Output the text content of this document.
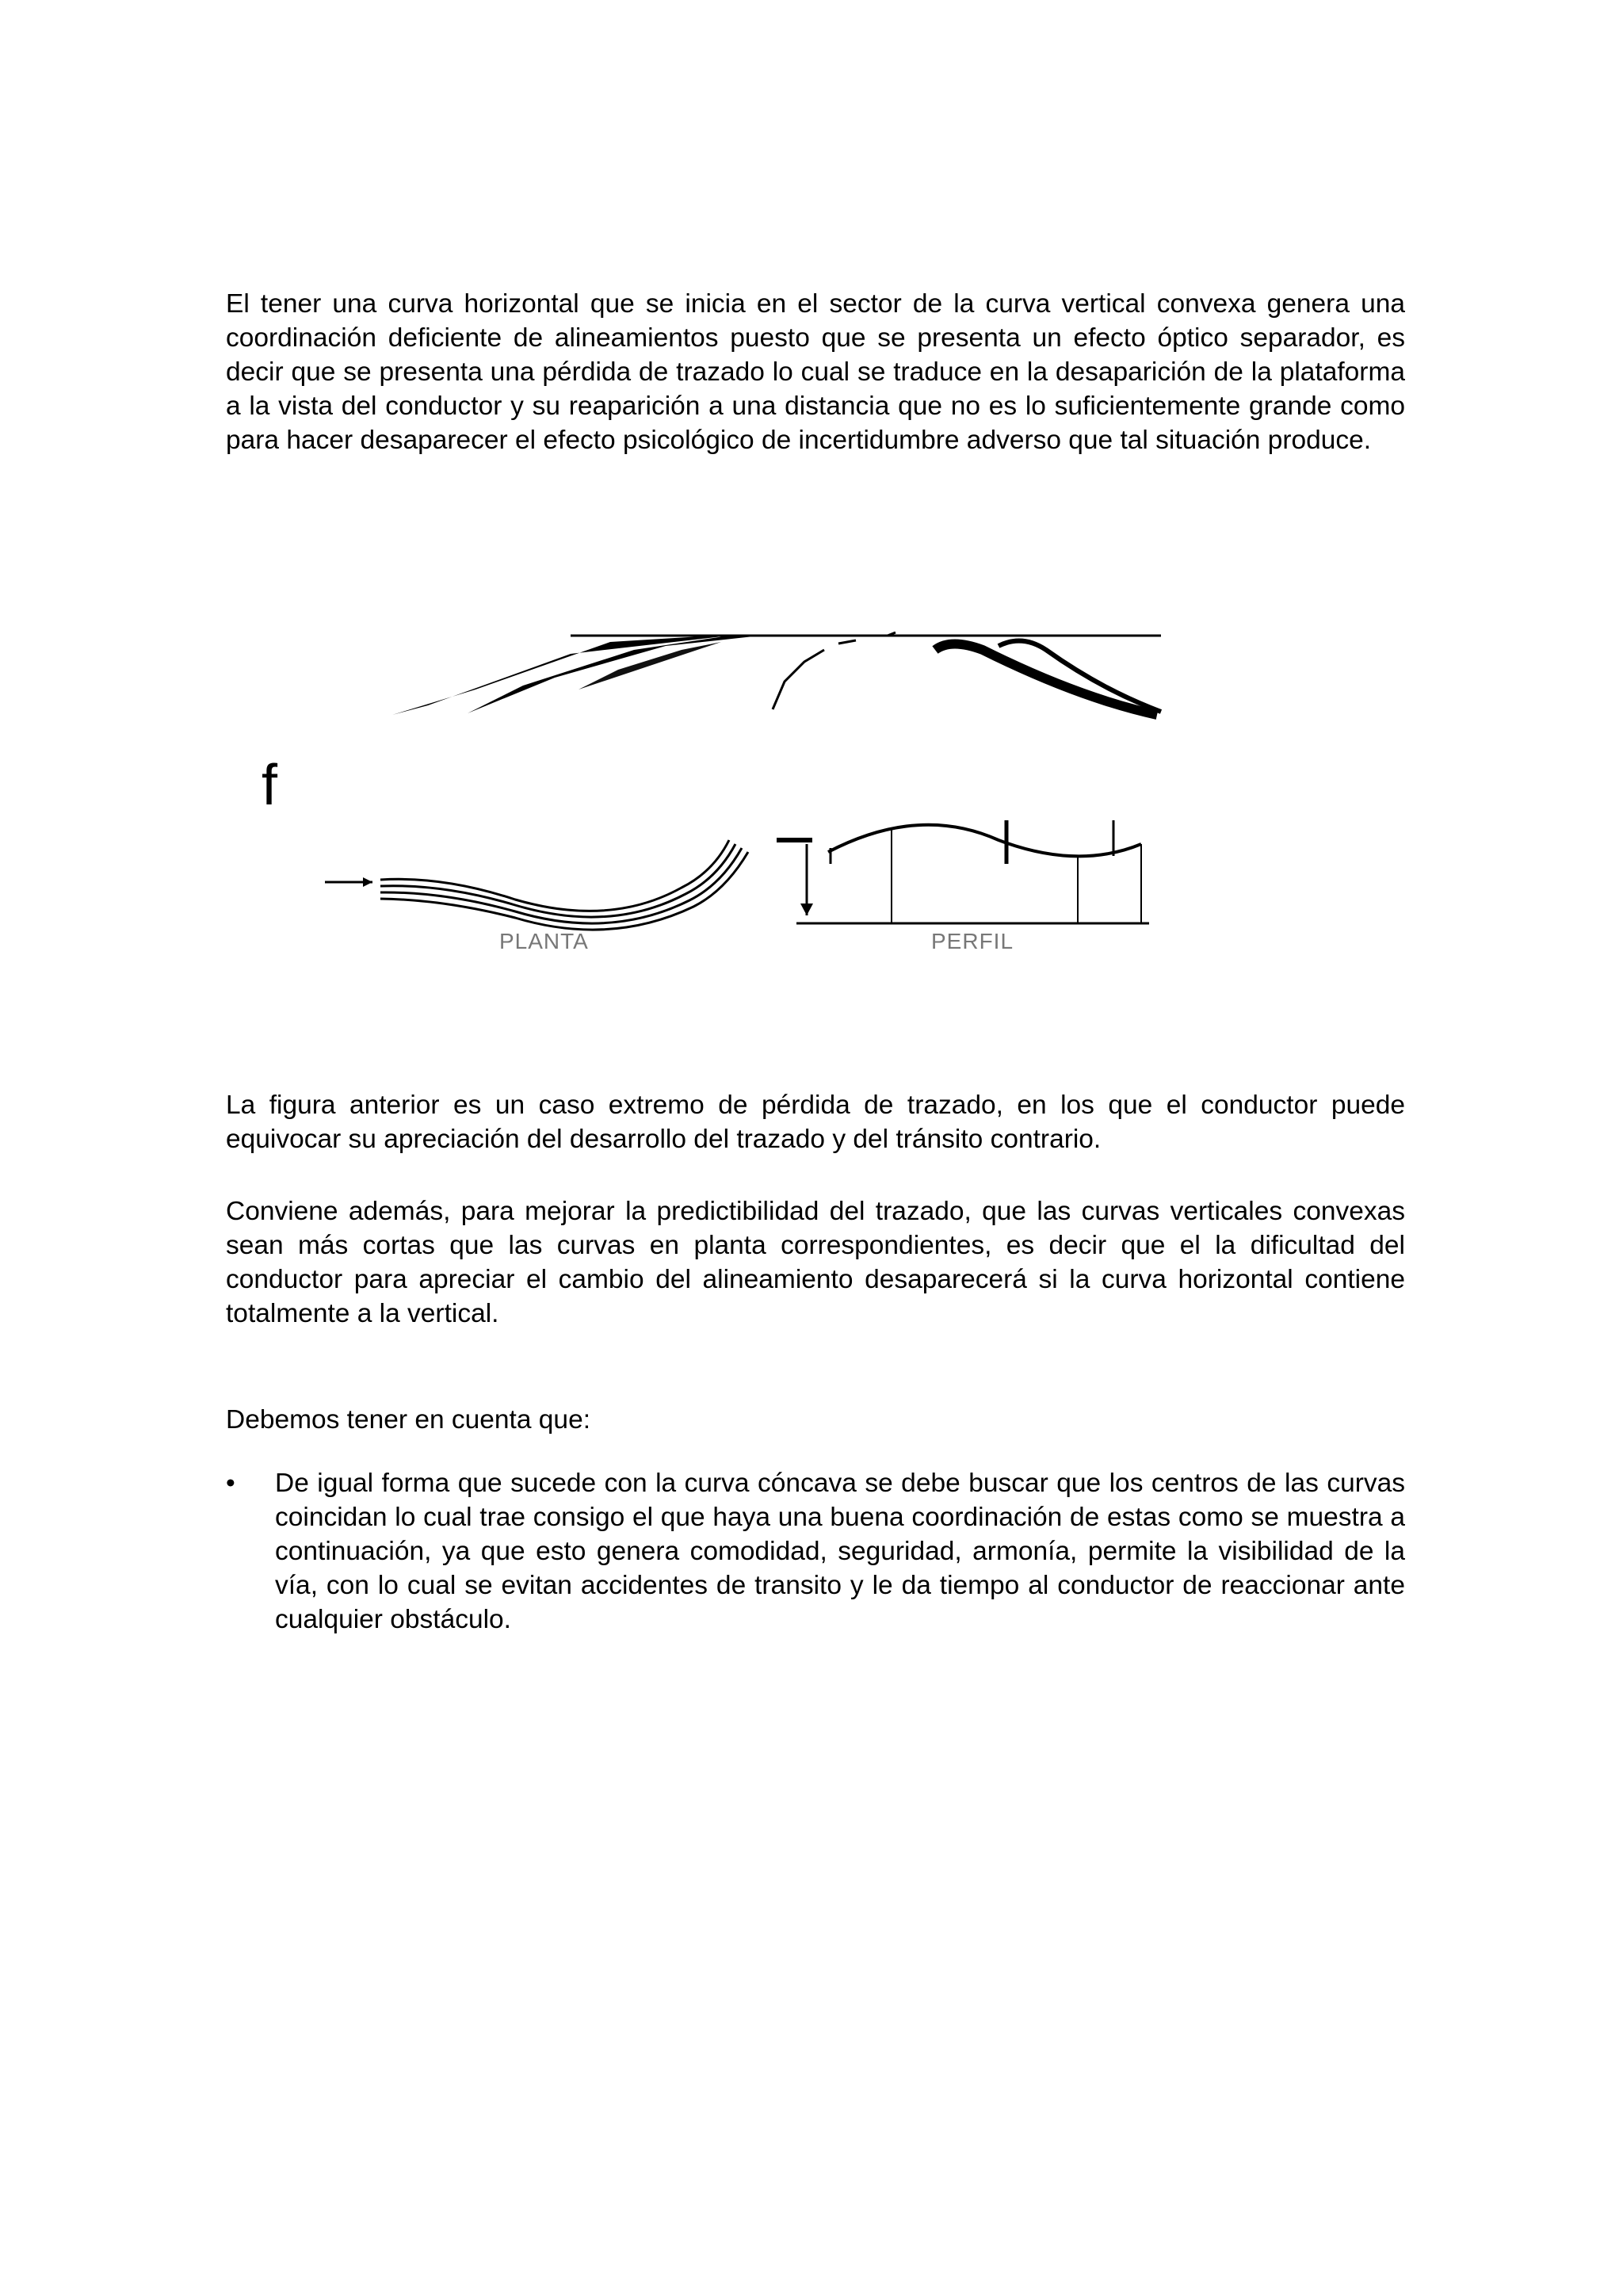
El tener una curva horizontal que se inicia en el sector de la curva vertical convexa genera una coordinación deficiente de alineamientos puesto que se presenta un efecto óptico separador, es decir que se presenta una pérdida de trazado lo cual se traduce en la desaparición de la plataforma a la vista del conductor y su reaparición a una distancia que no es lo suficientemente grande como para hacer desaparecer el efecto psicológico de incertidumbre adverso que tal situación produce.

f
PLANTA	PERFIL

La figura anterior es un caso extremo de pérdida de trazado, en los que el conductor puede equivocar su apreciación del desarrollo del trazado y del tránsito contrario.

Conviene además, para mejorar la predictibilidad del trazado, que las curvas verticales convexas sean más cortas que las curvas en planta correspondientes, es decir que el la dificultad del conductor para apreciar el cambio del alineamiento desaparecerá si la curva horizontal contiene totalmente a la vertical.

Debemos tener en cuenta que:

• De igual forma que sucede con la curva cóncava se debe buscar que los centros de las curvas coincidan lo cual trae consigo el que haya una buena coordinación de estas como se muestra a continuación, ya que esto genera comodidad, seguridad, armonía, permite la visibilidad de la vía, con lo cual se evitan accidentes de transito y le da tiempo al conductor de reaccionar ante cualquier obstáculo.
